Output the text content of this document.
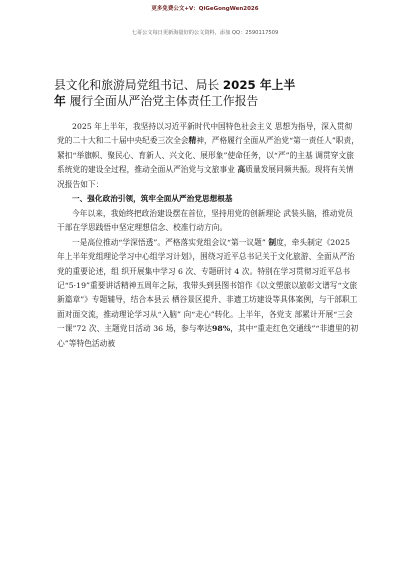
更多免费公文+V：QiGeGongWen2026
七哥公文每日更新海量好的公文资料，添加 QQ：2590117509
县文化和旅游局党组书记、局长 2025 年上半
年 履行全面从严治党主体责任工作报告

2025 年上半年，我坚持以习近平新时代中国特色社会主义 思想为指导，深入贯彻党的二十大和二十届中央纪委三次全会精神，严格履行全面从严治党“第一责任人”职责，紧扣“举旗帜、聚民心、育新人、兴文化、展形象”使命任务，以“严”的主基 调贯穿文旅系统党的建设全过程，推动全面从严治党与文旅事业 高质量发展同频共振。现将有关情况报告如下：

一、强化政治引领，筑牢全面从严治党思想根基

今年以来，我始终把政治建设摆在首位，坚持用党的创新理论 武装头脑，推动党员干部在学思践悟中坚定理想信念、校准行动方向。

一是高位推动“学深悟透”。严格落实党组会议“第一议题” 制度，牵头制定《2025 年上半年党组理论学习中心组学习计划》，围绕习近平总书记关于文化旅游、全面从严治党的重要论述，组 织开展集中学习 6 次、专题研讨 4 次。特别在学习贯彻习近平总书记“5·19”重要讲话精神五周年之际，我带头到县图书馆作《以文塑旅以旅彰文谱写“文旅新篇章”》专题辅导，结合本县云 栖谷景区提升、非遗工坊建设等具体案例，与干部职工面对面交流，推动理论学习从“入脑” 向“走心”转化。上半年，各党支 部累计开展“三会一课”72 次、主题党日活动 36 场，参与率达98%，其中“重走红色交通线”“非遗里的初心”等特色活动被
